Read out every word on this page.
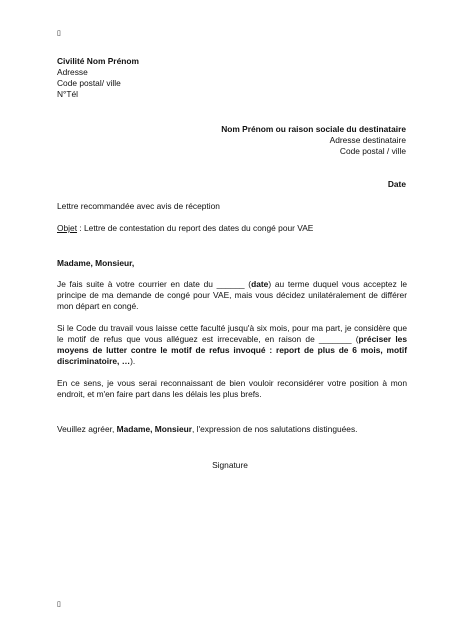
▯
Civilité Nom Prénom
Adresse
Code postal/ ville
N°Tél
Nom Prénom ou raison sociale du destinataire
Adresse destinataire
Code postal / ville
Date
Lettre recommandée avec avis de réception
Objet : Lettre de contestation du report des dates du congé pour VAE
Madame, Monsieur,
Je fais suite à votre courrier en date du ______ (date) au terme duquel vous acceptez le principe de ma demande de congé pour VAE, mais vous décidez unilatéralement de différer mon départ en congé.
Si le Code du travail vous laisse cette faculté jusqu'à six mois, pour ma part, je considère que le motif de refus que vous alléguez est irrecevable, en raison de _______ (préciser les moyens de lutter contre le motif de refus invoqué : report de plus de 6 mois, motif discriminatoire, …).
En ce sens, je vous serai reconnaissant de bien vouloir reconsidérer votre position à mon endroit, et m'en faire part dans les délais les plus brefs.
Veuillez agréer, Madame, Monsieur, l'expression de nos salutations distinguées.
Signature
▯
